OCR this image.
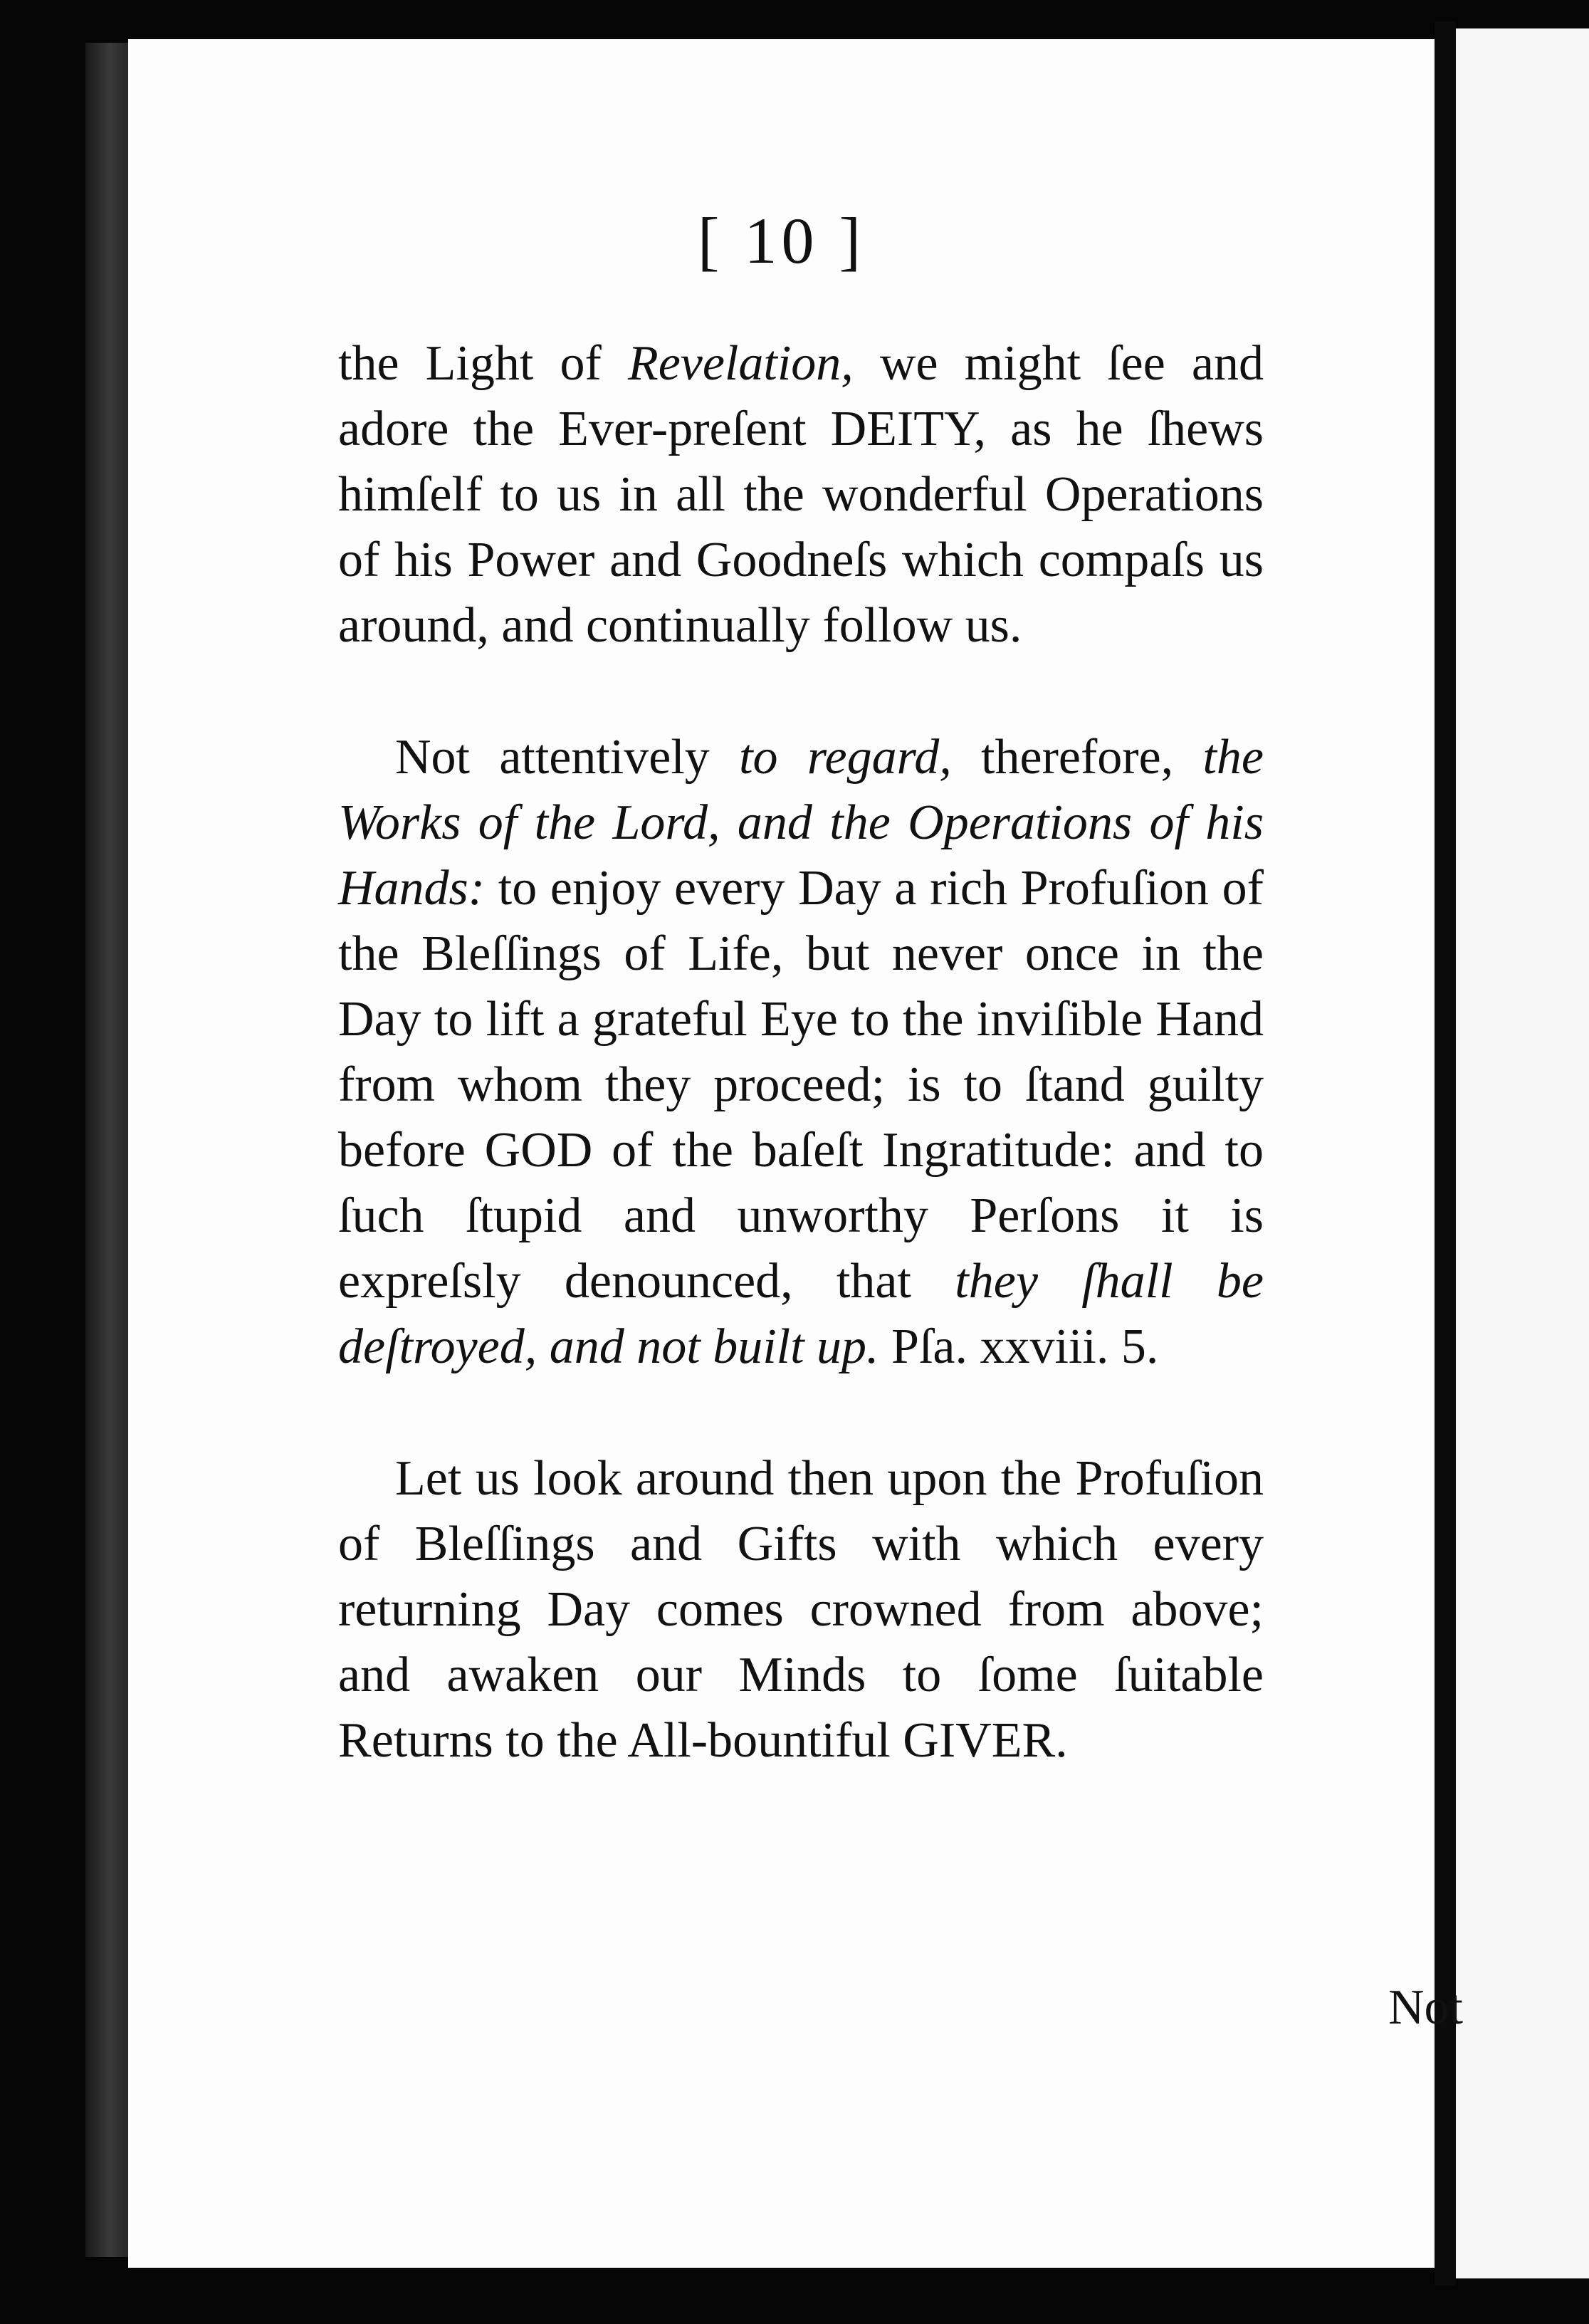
[ 10 ]

the Light of Revelation, we might ſee and adore the Ever-preſent DEITY, as he ſhews himſelf to us in all the wonderful Operations of his Power and Goodneſs which compaſs us around, and continually follow us.

Not attentively to regard, therefore, the Works of the Lord, and the Operations of his Hands: to enjoy every Day a rich Profuſion of the Bleſſings of Life, but never once in the Day to lift a grateful Eye to the inviſible Hand from whom they proceed; is to ſtand guilty before GOD of the baſeſt Ingratitude: and to ſuch ſtupid and unworthy Perſons it is expreſsly denounced, that they ſhall be deſtroyed, and not built up. Pſa. xxviii. 5.

Let us look around then upon the Profuſion of Bleſſings and Gifts with which every returning Day comes crowned from above; and awaken our Minds to ſome ſuitable Returns to the All-bountiful GIVER.

Not
